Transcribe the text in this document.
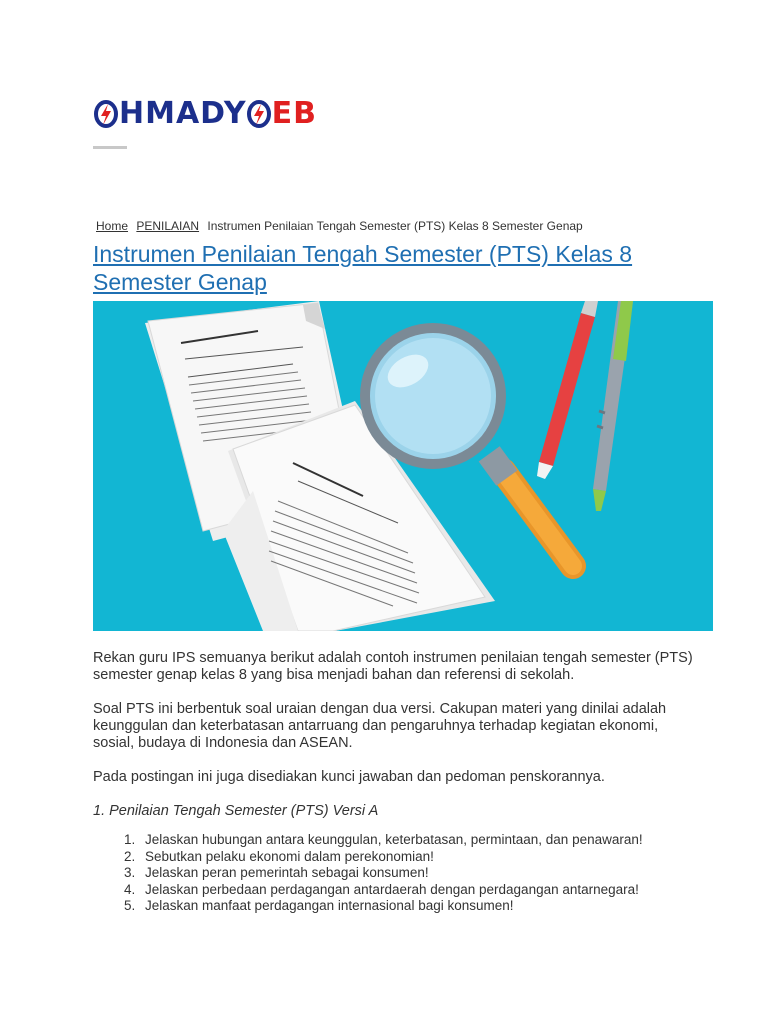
HMADY EB
Home PENILAIAN Instrumen Penilaian Tengah Semester (PTS) Kelas 8 Semester Genap
Instrumen Penilaian Tengah Semester (PTS) Kelas 8 Semester Genap

Rekan guru IPS semuanya berikut adalah contoh instrumen penilaian tengah semester (PTS) semester genap kelas 8 yang bisa menjadi bahan dan referensi di sekolah.

Soal PTS ini berbentuk soal uraian dengan dua versi. Cakupan materi yang dinilai adalah keunggulan dan keterbatasan antarruang dan pengaruhnya terhadap kegiatan ekonomi, sosial, budaya di Indonesia dan ASEAN.

Pada postingan ini juga disediakan kunci jawaban dan pedoman penskorannya.

1. Penilaian Tengah Semester (PTS) Versi A

1. Jelaskan hubungan antara keunggulan, keterbatasan, permintaan, dan penawaran!
2. Sebutkan pelaku ekonomi dalam perekonomian!
3. Jelaskan peran pemerintah sebagai konsumen!
4. Jelaskan perbedaan perdagangan antardaerah dengan perdagangan antarnegara!
5. Jelaskan manfaat perdagangan internasional bagi konsumen!
